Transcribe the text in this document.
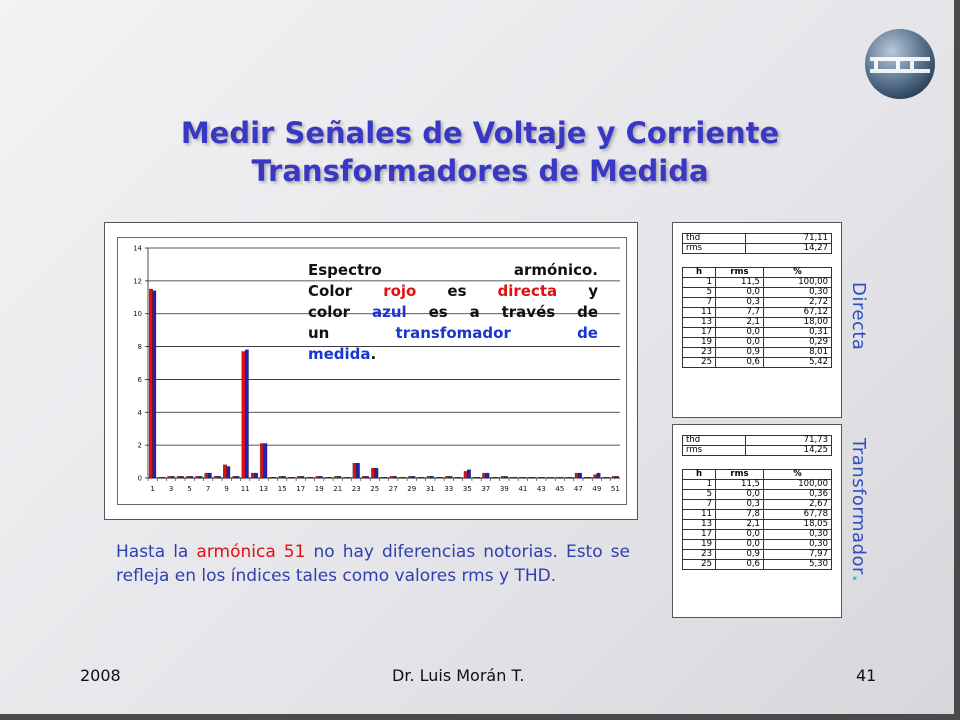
Medir Señales de Voltaje y Corriente
Transformadores de Medida
0
2
4
6
8
10
12
14
1 3 5 7 9 11 13 15 17 19 21 23 25 27 29 31 33 35 37 39 41 43 45 47 49 51
Espectro	armónico.
Color rojo es directa y
color azul es a través de
un	transfomador	de
medida.
Hasta la armónica 51 no hay diferencias notorias. Esto se refleja en los índices tales como valores rms y THD.
thd	71,11
rms	14,27
h	rms	%
1	11,5	100,00
5	0,0	0,30
7	0,3	2,72
11	7,7	67,12
13	2,1	18,00
17	0,0	0,31
19	0,0	0,29
23	0,9	8,01
25	0,6	5,42
thd	71,73
rms	14,25
h	rms	%
1	11,5	100,00
5	0,0	0,36
7	0,3	2,67
11	7,8	67,78
13	2,1	18,05
17	0,0	0,30
19	0,0	0,30
23	0,9	7,97
25	0,6	5,30
Directa
Transformador.
2008	Dr. Luis Morán T.	41
